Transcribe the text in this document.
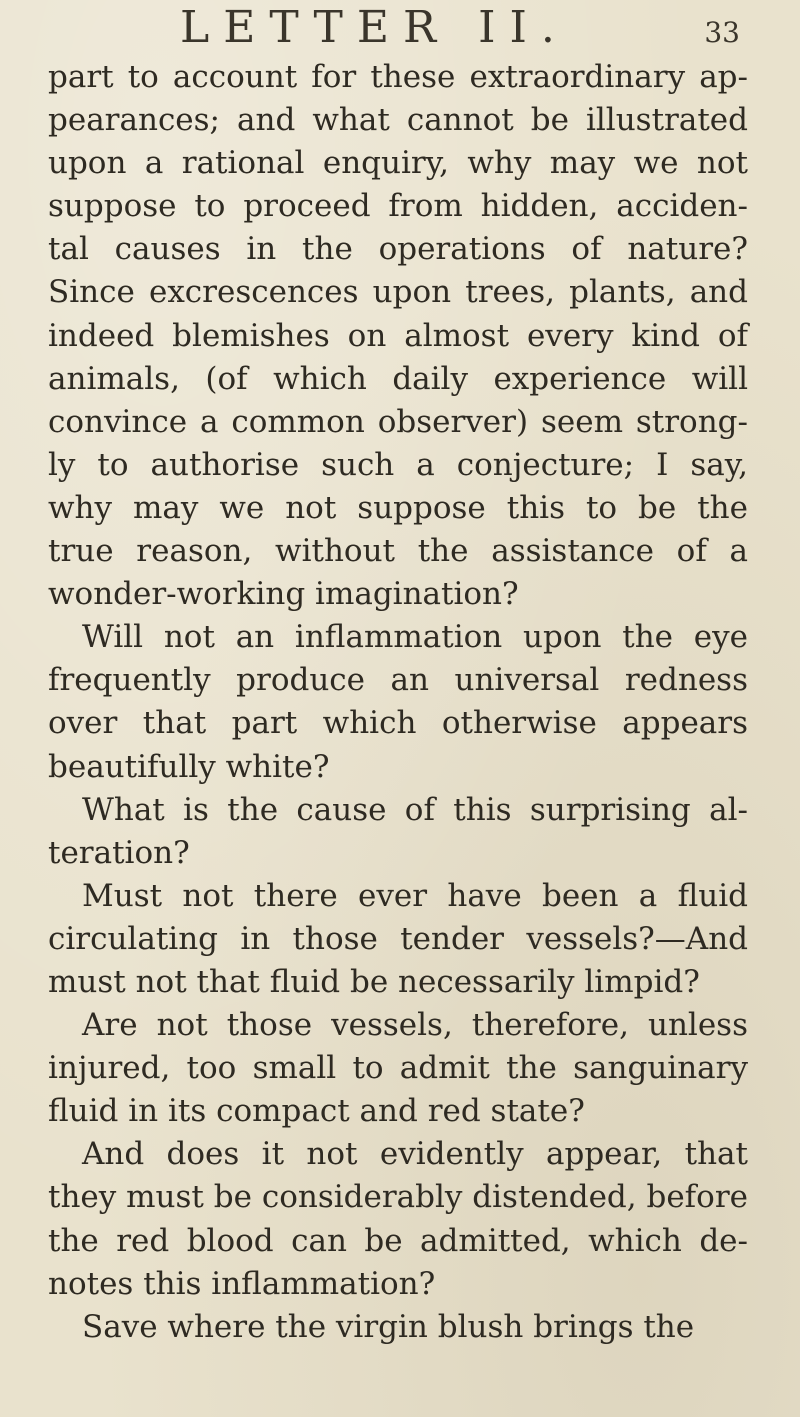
LETTER II.	33
part to account for these extraordinary ap-
pearances; and what cannot be illustrated
upon a rational enquiry, why may we not
suppose to proceed from hidden, acciden-
tal causes in the operations of nature?
Since excrescences upon trees, plants, and
indeed blemishes on almost every kind of
animals, (of which daily experience will
convince a common observer) seem strong-
ly to authorise such a conjecture; I say,
why may we not suppose this to be the
true reason, without the assistance of a
wonder-working imagination?
Will not an inflammation upon the eye
frequently produce an universal redness
over that part which otherwise appears
beautifully white?
What is the cause of this surprising al-
teration?
Must not there ever have been a fluid
circulating in those tender vessels?—And
must not that fluid be necessarily limpid?
Are not those vessels, therefore, unless
injured, too small to admit the sanguinary
fluid in its compact and red state?
And does it not evidently appear, that
they must be considerably distended, before
the red blood can be admitted, which de-
notes this inflammation?
Save where the virgin blush brings the
